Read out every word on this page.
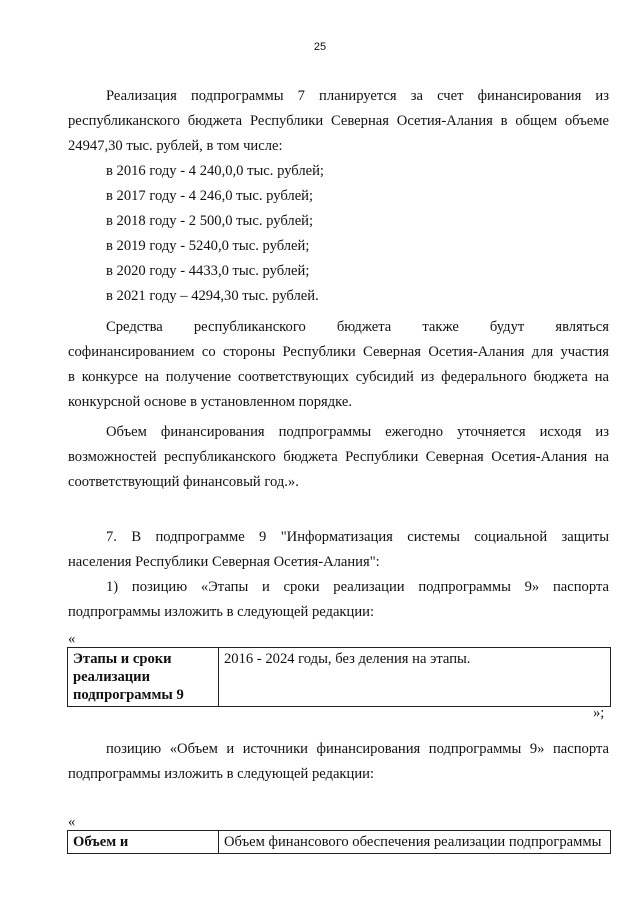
25
Реализация подпрограммы 7 планируется за счет финансирования из
республиканского бюджета Республики Северная Осетия-Алания в общем объеме
24947,30 тыс. рублей, в том числе:
в 2016 году - 4 240,0,0 тыс. рублей;
в 2017 году - 4 246,0 тыс. рублей;
в 2018 году - 2 500,0 тыс. рублей;
в 2019 году - 5240,0 тыс. рублей;
в 2020 году - 4433,0 тыс. рублей;
в 2021 году – 4294,30 тыс. рублей.
Средства республиканского бюджета также будут являться
софинансированием со стороны Республики Северная Осетия-Алания для участия
в конкурсе на получение соответствующих субсидий из федерального бюджета на
конкурсной основе в установленном порядке.
Объем финансирования подпрограммы ежегодно уточняется исходя из
возможностей республиканского бюджета Республики Северная Осетия-Алания на
соответствующий финансовый год.».
7. В подпрограмме 9 "Информатизация системы социальной защиты
населения Республики Северная Осетия-Алания":
1) позицию «Этапы и сроки реализации подпрограммы 9» паспорта
подпрограммы изложить в следующей редакции:
«
Этапы и сроки
реализации
подпрограммы 9	2016 - 2024 годы, без деления на этапы.
»;
позицию «Объем и источники финансирования подпрограммы 9» паспорта
подпрограммы изложить в следующей редакции:
«
Объем и	Объем финансового обеспечения реализации подпрограммы
